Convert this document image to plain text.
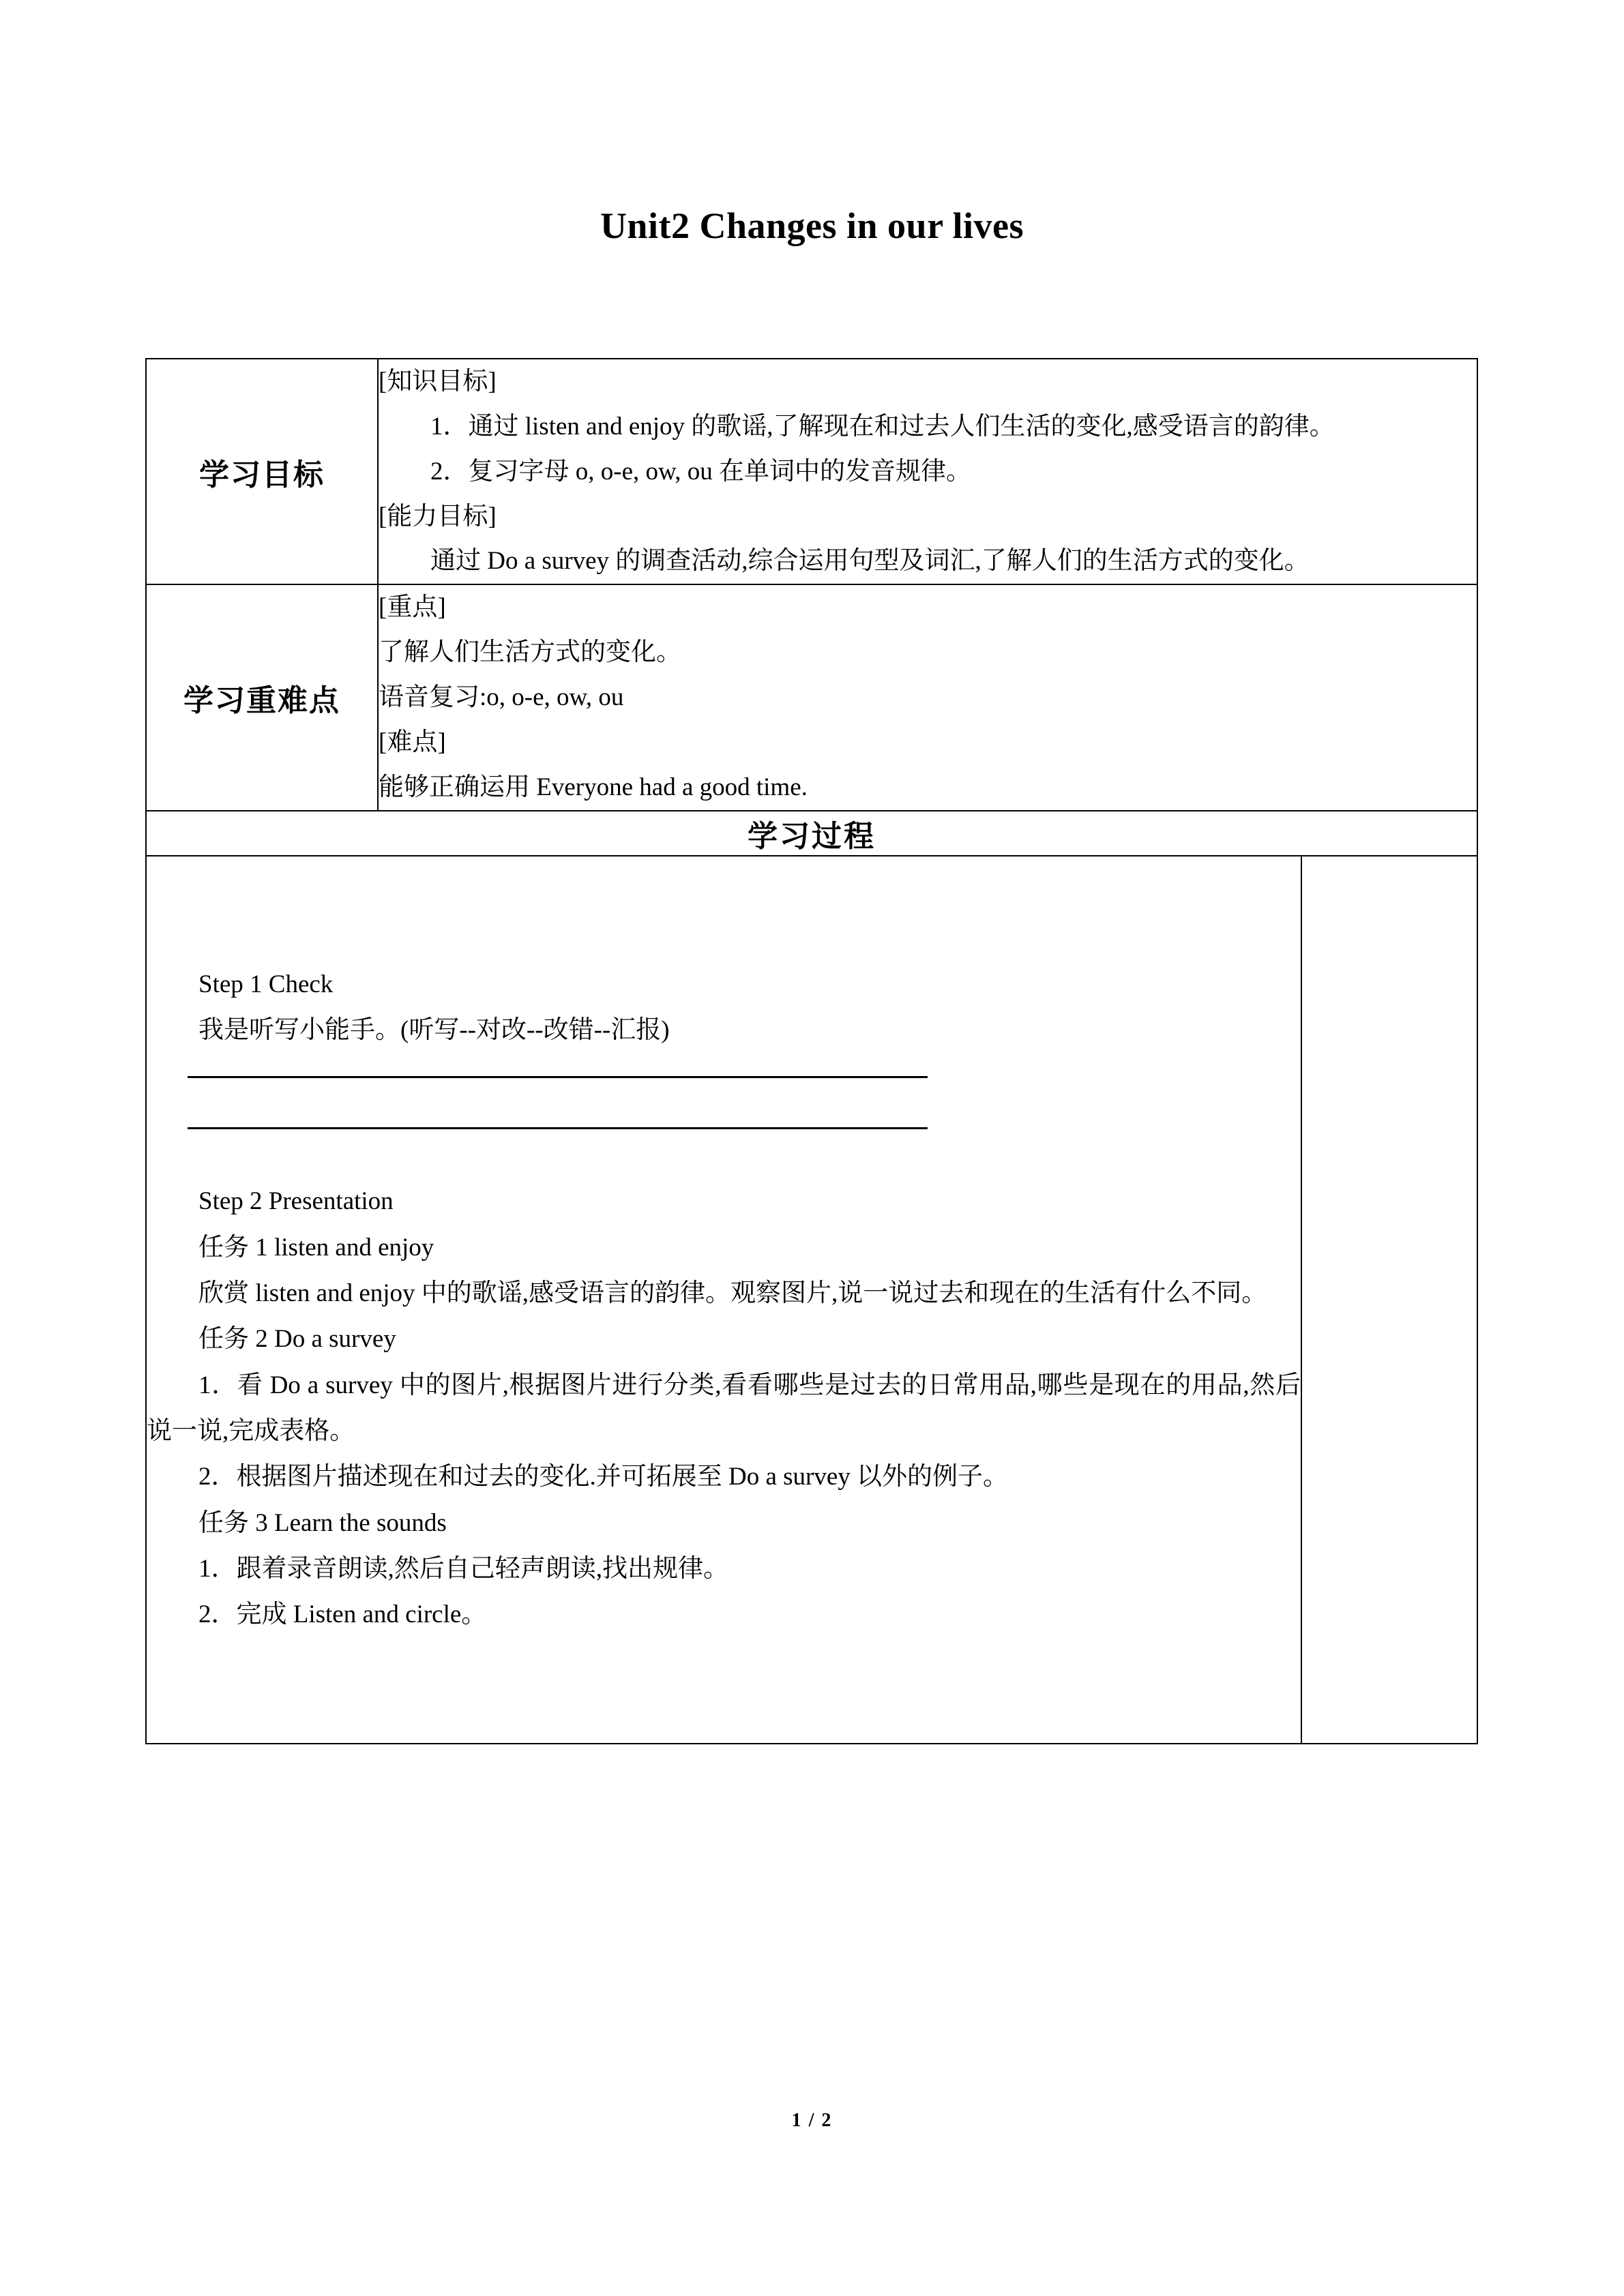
Unit2 Changes in our lives
学习目标	[知识目标]

1．通过 listen and enjoy 的歌谣,了解现在和过去人们生活的变化,感受语言的韵律。

2．复习字母 o, o-e, ow, ou 在单词中的发音规律。

[能力目标]

通过 Do a survey 的调查活动,综合运用句型及词汇,了解人们的生活方式的变化。	

学习重难点	[重点]

了解人们生活方式的变化。

语音复习:o, o-e, ow, ou

[难点]

能够正确运用 Everyone had a good time.	

学习过程		

Step 1 Check

我是听写小能手。(听写--对改--改错--汇报)

Step 2 Presentation

任务 1 listen and enjoy

欣赏 listen and enjoy 中的歌谣,感受语言的韵律。观察图片,说一说过去和现在的生活有什么不同。

任务 2 Do a survey

1．看 Do a survey 中的图片,根据图片进行分类,看看哪些是过去的日常用品,哪些是现在的用品,然后说一说,完成表格。

2．根据图片描述现在和过去的变化.并可拓展至 Do a survey 以外的例子。

任务 3 Learn the sounds

1．跟着录音朗读,然后自己轻声朗读,找出规律。

2．完成 Listen and circle。

1 / 2
